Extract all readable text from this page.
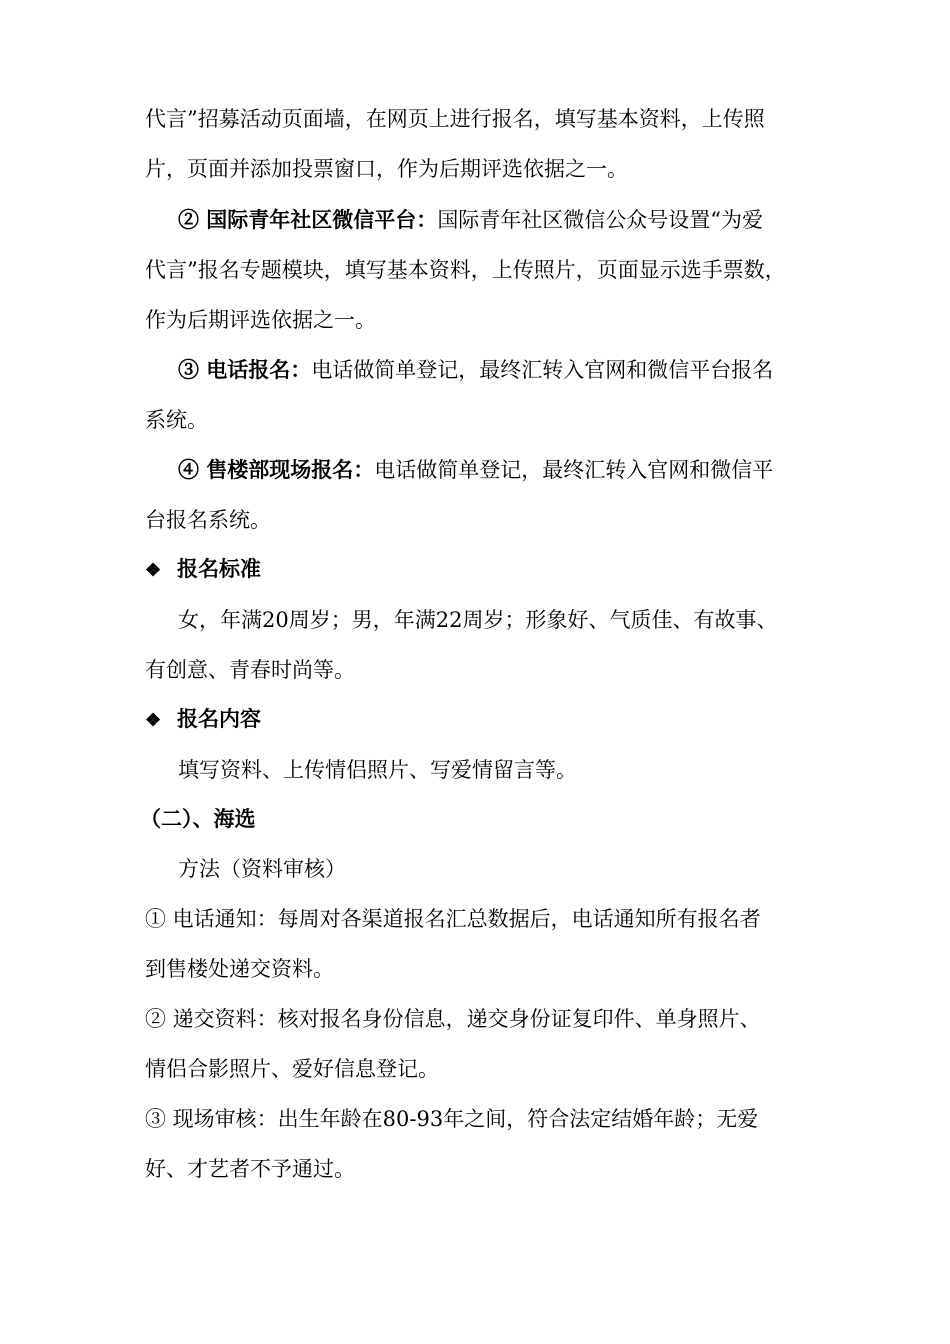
代言”招募活动页面墙，在网页上进行报名，填写基本资料，上传照
片，页面并添加投票窗口，作为后期评选依据之一。
② 国际青年社区微信平台：国际青年社区微信公众号设置“为爱
代言”报名专题模块，填写基本资料，上传照片，页面显示选手票数，
作为后期评选依据之一。
③ 电话报名：电话做简单登记，最终汇转入官网和微信平台报名
系统。
④ 售楼部现场报名：电话做简单登记，最终汇转入官网和微信平
台报名系统。
❖ 报名标准
女，年满20周岁；男，年满22周岁；形象好、气质佳、有故事、
有创意、青春时尚等。
❖ 报名内容
填写资料、上传情侣照片、写爱情留言等。
（二）、海选
方法（资料审核）
① 电话通知：每周对各渠道报名汇总数据后，电话通知所有报名者
到售楼处递交资料。
② 递交资料：核对报名身份信息，递交身份证复印件、单身照片、
情侣合影照片、爱好信息登记。
③ 现场审核：出生年龄在80-93年之间，符合法定结婚年龄；无爱
好、才艺者不予通过。
